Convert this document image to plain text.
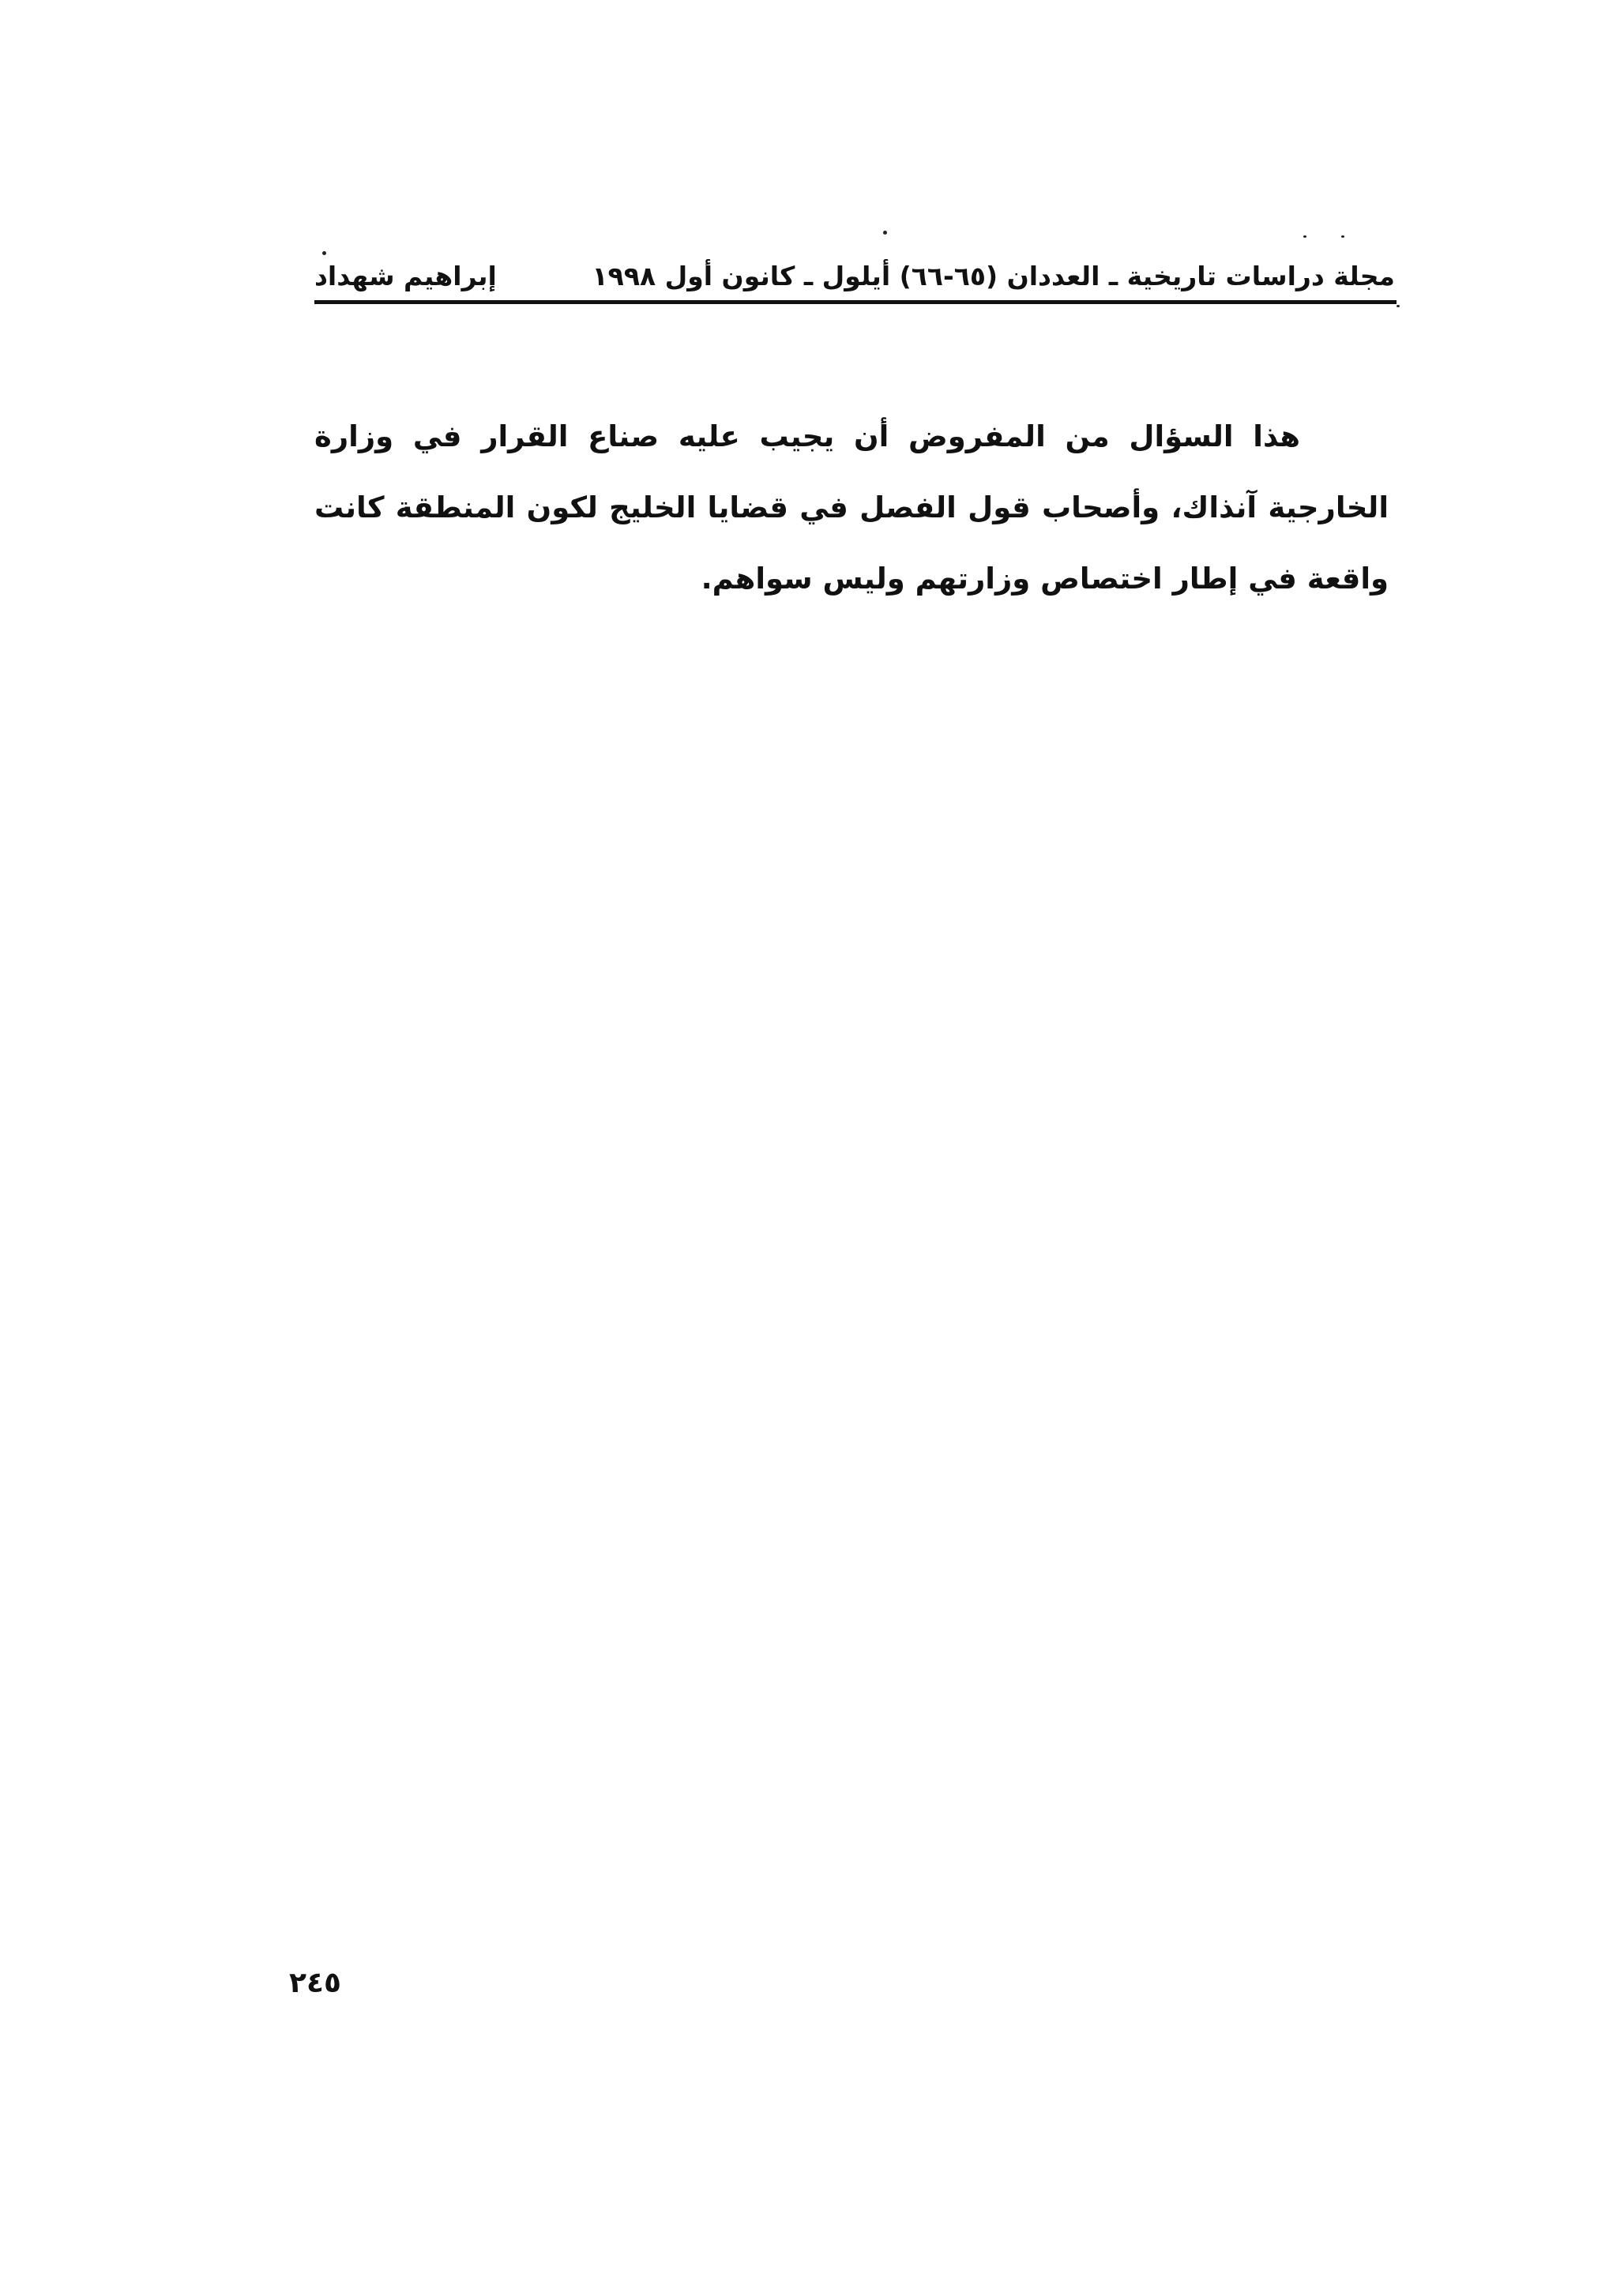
مجلة دراسات تاريخية ـ العددان (٦٥-٦٦) أيلول ـ كانون أول ١٩٩٨
إبراهيم شهداد

هذا السؤال من المفروض أن يجيب عليه صناع القرار في وزارة الخارجية آنذاك، وأصحاب قول الفصل في قضايا الخليج لكون المنطقة كانت واقعة في إطار اختصاص وزارتهم وليس سواهم.

٢٤٥
